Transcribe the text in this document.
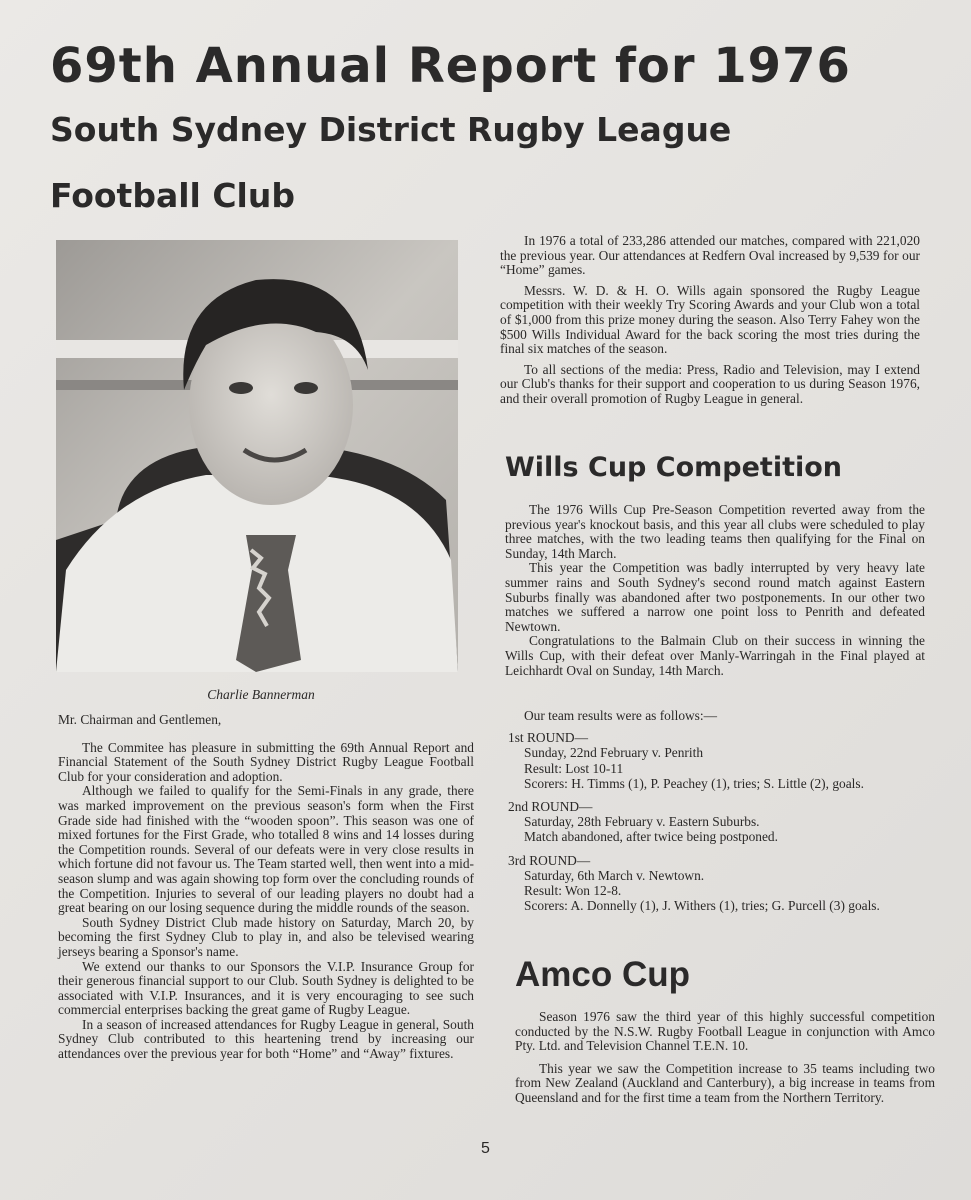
69th Annual Report for 1976
South Sydney District Rugby League
Football Club
Charlie Bannerman

Mr. Chairman and Gentlemen,

The Commitee has pleasure in submitting the 69th Annual Report and Financial Statement of the South Sydney District Rugby League Football Club for your consideration and adoption.

Although we failed to qualify for the Semi-Finals in any grade, there was marked improvement on the previous season's form when the First Grade side had finished with the “wooden spoon”. This season was one of mixed fortunes for the First Grade, who totalled 8 wins and 14 losses during the Competition rounds. Several of our defeats were in very close results in which fortune did not favour us. The Team started well, then went into a mid-season slump and was again showing top form over the concluding rounds of the Competition. Injuries to several of our leading players no doubt had a great bearing on our losing sequence during the middle rounds of the season.

South Sydney District Club made history on Saturday, March 20, by becoming the first Sydney Club to play in, and also be televised wearing jerseys bearing a Sponsor's name.

We extend our thanks to our Sponsors the V.I.P. Insurance Group for their generous financial support to our Club. South Sydney is delighted to be associated with V.I.P. Insurances, and it is very encouraging to see such commercial enterprises backing the great game of Rugby League.

In a season of increased attendances for Rugby League in general, South Sydney Club contributed to this heartening trend by increasing our attendances over the previous year for both “Home” and “Away” fixtures.

In 1976 a total of 233,286 attended our matches, compared with 221,020 the previous year. Our attendances at Redfern Oval increased by 9,539 for our “Home” games.

Messrs. W. D. & H. O. Wills again sponsored the Rugby League competition with their weekly Try Scoring Awards and your Club won a total of $1,000 from this prize money during the season. Also Terry Fahey won the $500 Wills Individual Award for the back scoring the most tries during the final six matches of the season.

To all sections of the media: Press, Radio and Television, may I extend our Club's thanks for their support and cooperation to us during Season 1976, and their overall promotion of Rugby League in general.

Wills Cup Competition

The 1976 Wills Cup Pre-Season Competition reverted away from the previous year's knockout basis, and this year all clubs were scheduled to play three matches, with the two leading teams then qualifying for the Final on Sunday, 14th March.

This year the Competition was badly interrupted by very heavy late summer rains and South Sydney's second round match against Eastern Suburbs finally was abandoned after two postponements. In our other two matches we suffered a narrow one point loss to Penrith and defeated Newtown.

Congratulations to the Balmain Club on their success in winning the Wills Cup, with their defeat over Manly-Warringah in the Final played at Leichhardt Oval on Sunday, 14th March.

Our team results were as follows:—
1st ROUND—
Sunday, 22nd February v. Penrith
Result: Lost 10-11
Scorers: H. Timms (1), P. Peachey (1), tries; S. Little (2), goals.
2nd ROUND—
Saturday, 28th February v. Eastern Suburbs.
Match abandoned, after twice being postponed.
3rd ROUND—
Saturday, 6th March v. Newtown.
Result: Won 12-8.
Scorers: A. Donnelly (1), J. Withers (1), tries; G. Purcell (3) goals.
Amco Cup

Season 1976 saw the third year of this highly successful competition conducted by the N.S.W. Rugby Football League in conjunction with Amco Pty. Ltd. and Television Channel T.E.N. 10.

This year we saw the Competition increase to 35 teams including two from New Zealand (Auckland and Canterbury), a big increase in teams from Queensland and for the first time a team from the Northern Territory.

5
